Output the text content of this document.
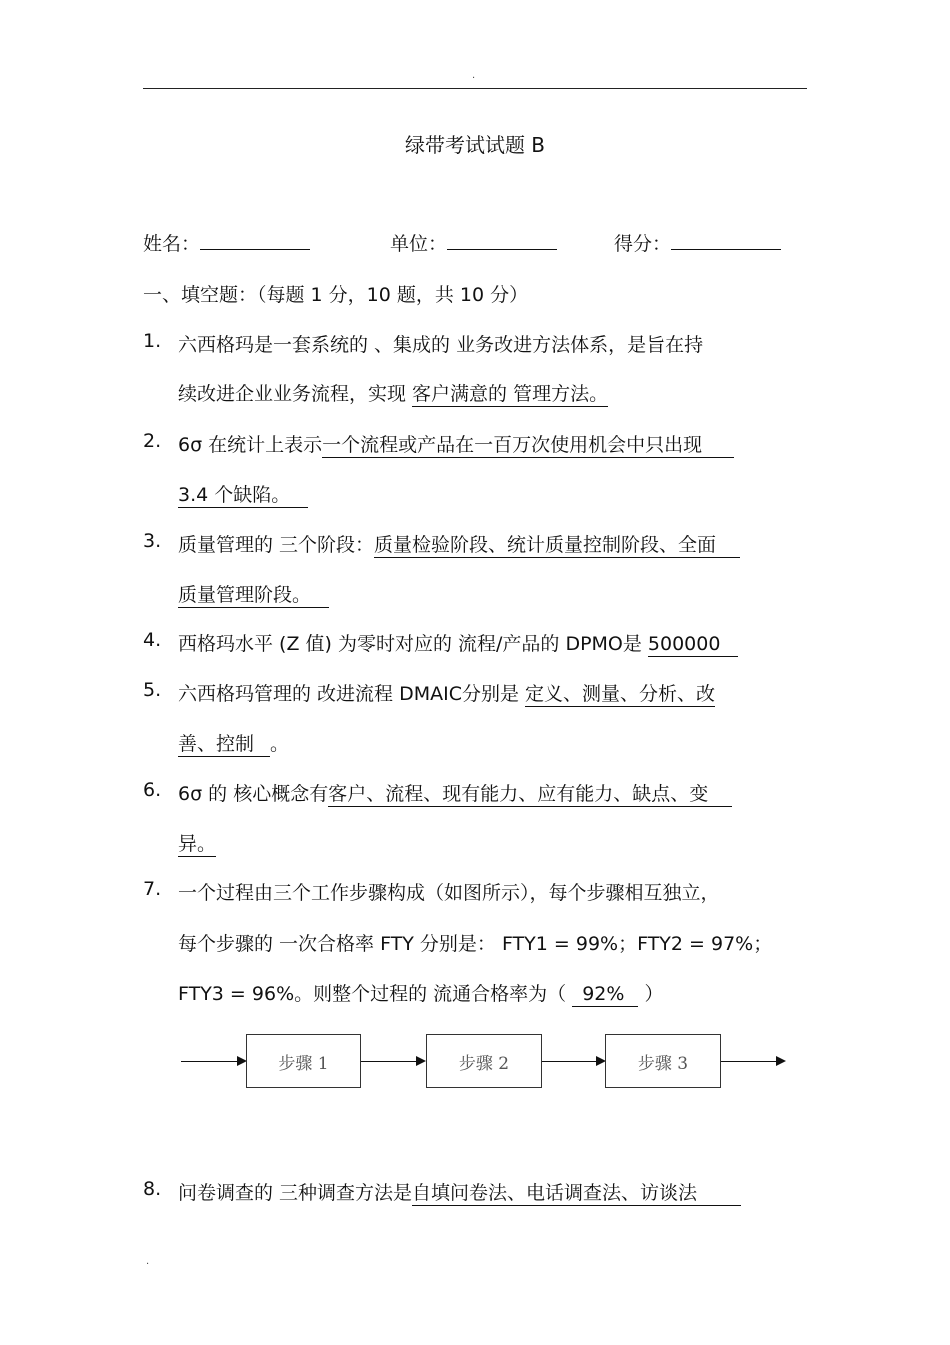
.
绿带考试试题 B
姓名：	单位：	得分：
一、填空题：（每题 1 分，10 题，共 10 分）
1. 六西格玛是一套系统的 、集成的 业务改进方法体系，是旨在持
续改进企业业务流程，实现 客户满意的 管理方法。
2. 6σ 在统计上表示一个流程或产品在一百万次使用机会中只出现
3.4 个缺陷。
3. 质量管理的 三个阶段：质量检验阶段、统计质量控制阶段、全面
质量管理阶段。
4. 西格玛水平 (Z 值) 为零时对应的 流程/产品的 DPMO是 500000
5. 六西格玛管理的 改进流程 DMAIC分别是 定义、测量、分析、改
善、控制 。
6. 6σ 的 核心概念有客户、流程、现有能力、应有能力、缺点、变
异。
7. 一个过程由三个工作步骤构成（如图所示），每个步骤相互独立，
每个步骤的 一次合格率 FTY 分别是： FTY1 = 99%；FTY2 = 97%；
FTY3 = 96%。则整个过程的 流通合格率为（ 92% ）
步骤 1	步骤 2	步骤 3
8. 问卷调查的 三种调查方法是自填问卷法、电话调查法、访谈法
.
